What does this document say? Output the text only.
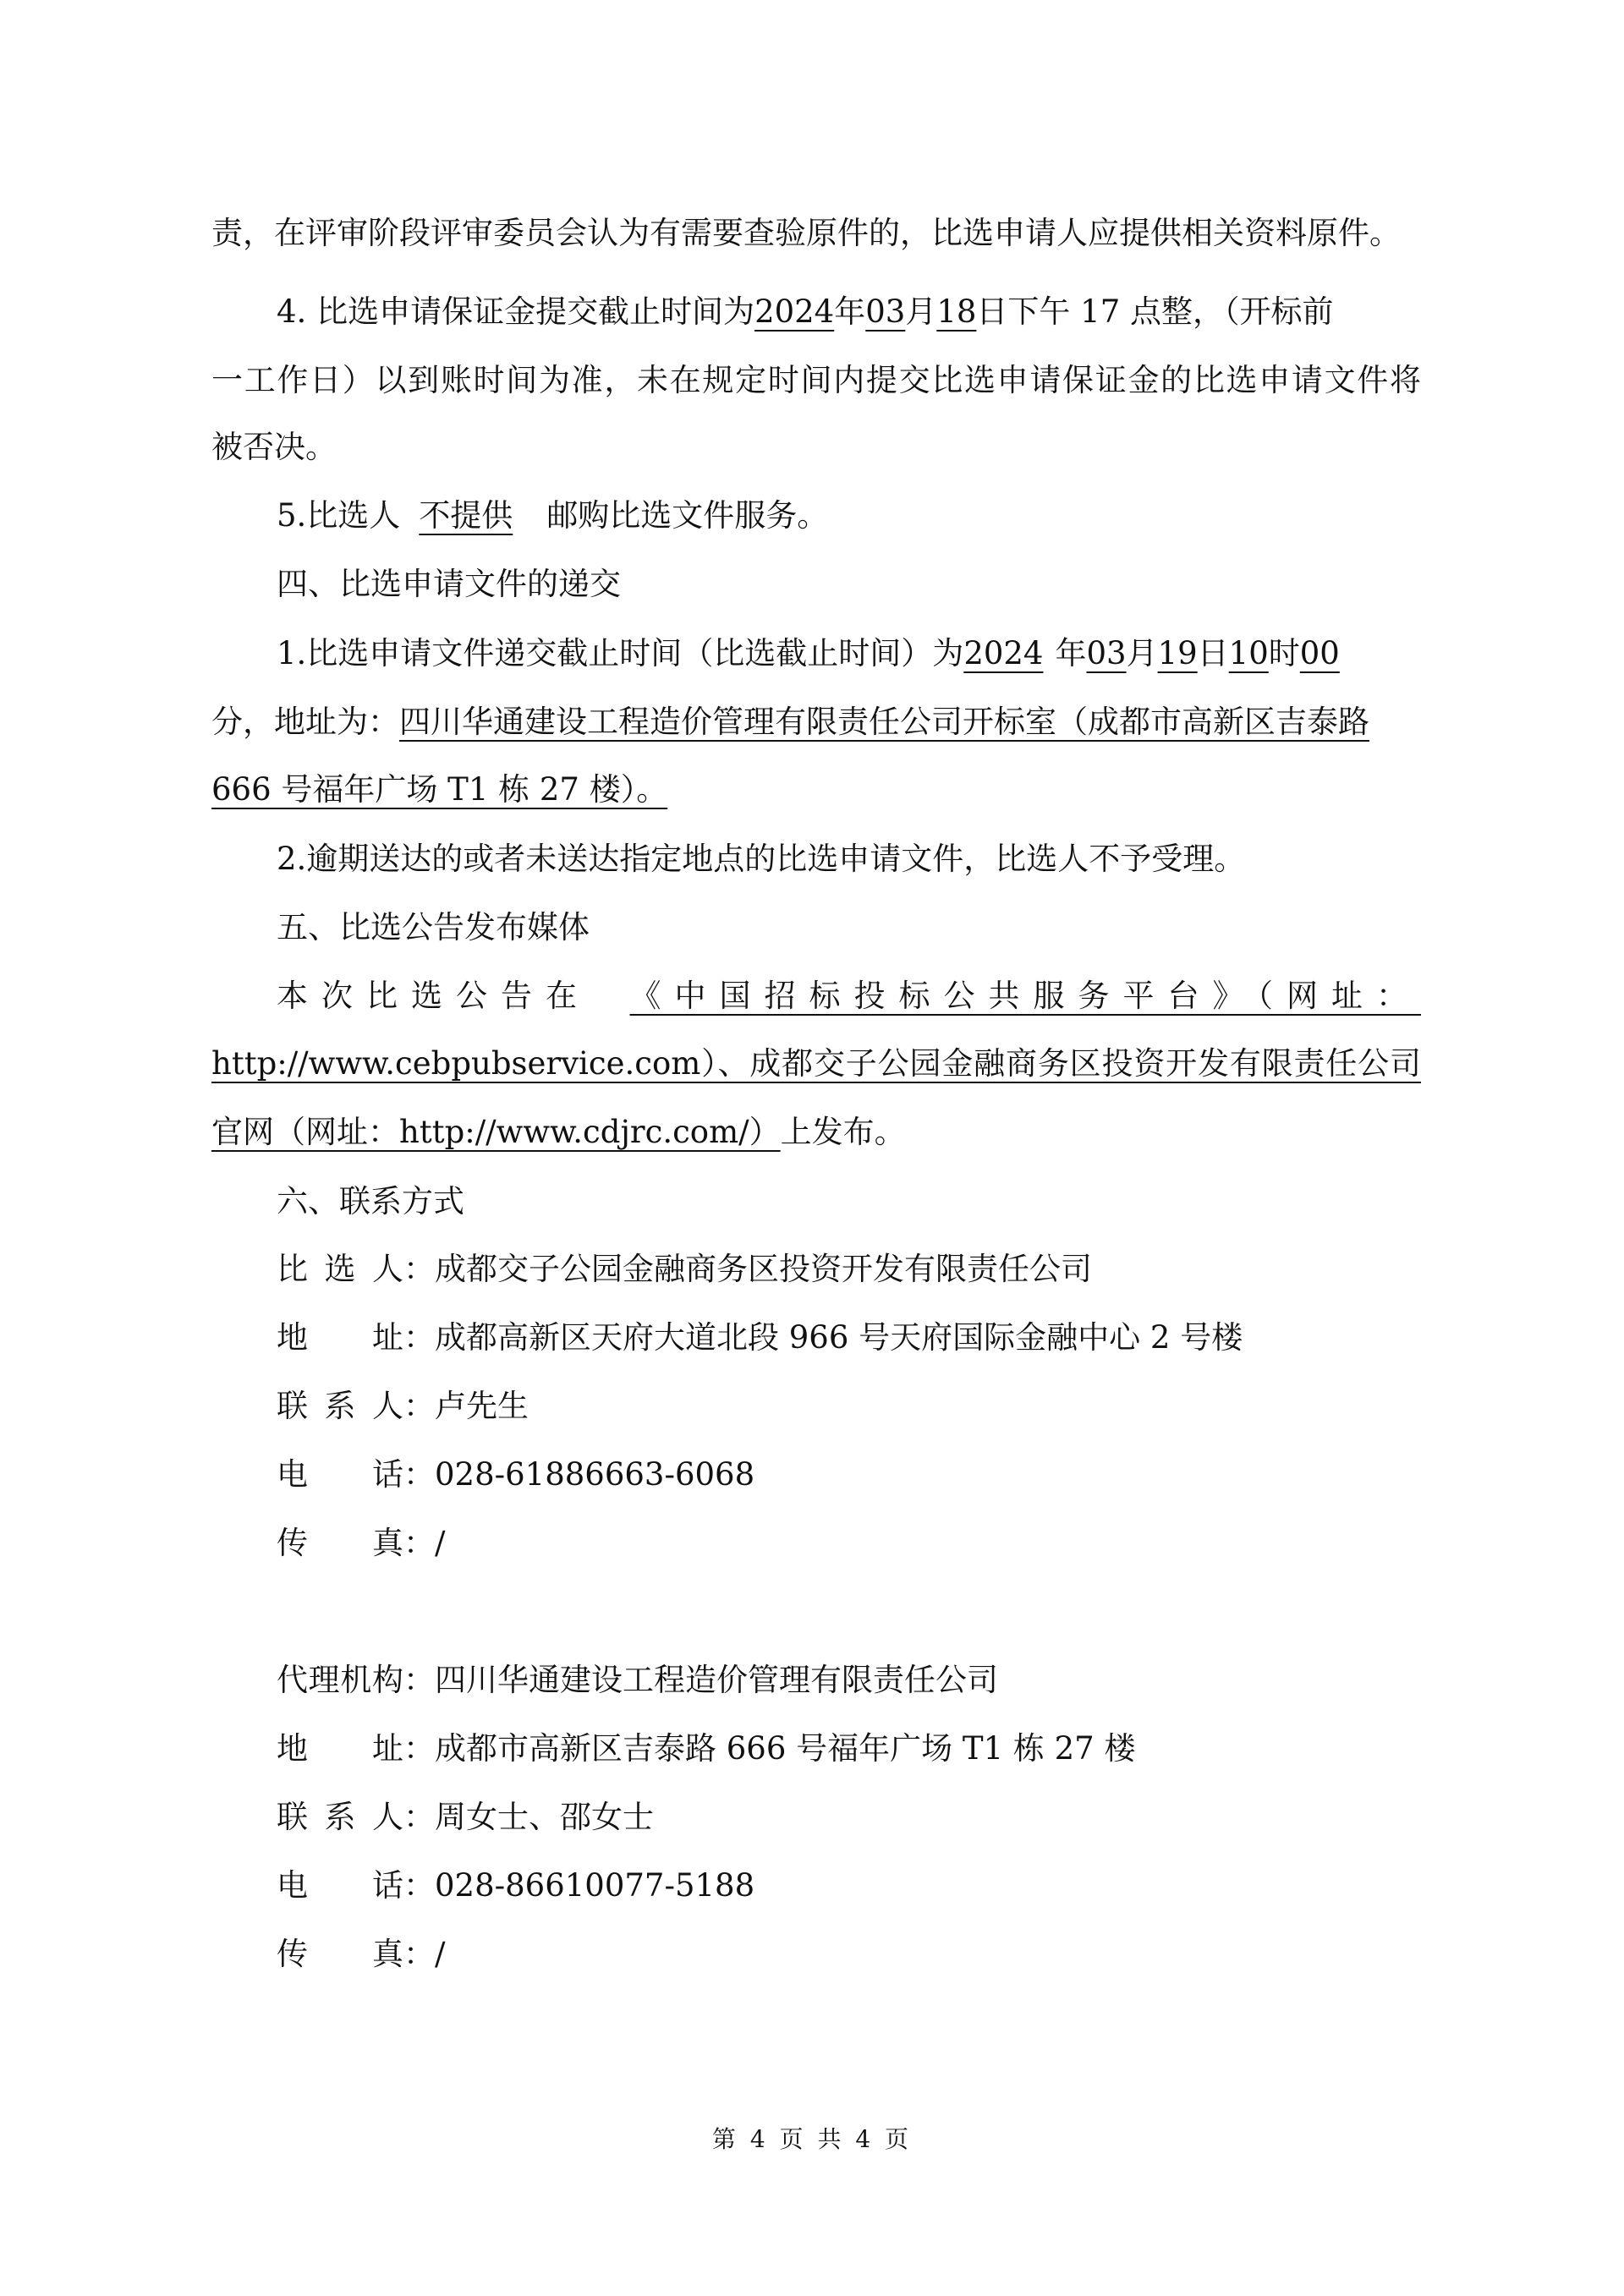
责，在评审阶段评审委员会认为有需要查验原件的，比选申请人应提供相关资料原件。
4. 比选申请保证金提交截止时间为2024年03月18日下午 17 点整，（开标前
一工作日）以到账时间为准，未在规定时间内提交比选申请保证金的比选申请文件将
被否决。
5.比选人 不提供 邮购比选文件服务。
四、比选申请文件的递交
1.比选申请文件递交截止时间（比选截止时间）为2024 年03月19日10时00
分，地址为：四川华通建设工程造价管理有限责任公司开标室（成都市高新区吉泰路
666 号福年广场 T1 栋 27 楼）。
2.逾期送达的或者未送达指定地点的比选申请文件，比选人不予受理。
五、比选公告发布媒体
本次比选公告在 《中国招标投标公共服务平台》（网址：
http://www.cebpubservice.com）、成都交子公园金融商务区投资开发有限责任公司
官网（网址：http://www.cdjrc.com/）上发布。
六、联系方式
比选人：成都交子公园金融商务区投资开发有限责任公司
地址：成都高新区天府大道北段 966 号天府国际金融中心 2 号楼
联系人：卢先生
电话：028-61886663-6068
传真：/
代理机构：四川华通建设工程造价管理有限责任公司
地址：成都市高新区吉泰路 666 号福年广场 T1 栋 27 楼
联系人：周女士、邵女士
电话：028-86610077-5188
传真：/
第 4 页 共 4 页
